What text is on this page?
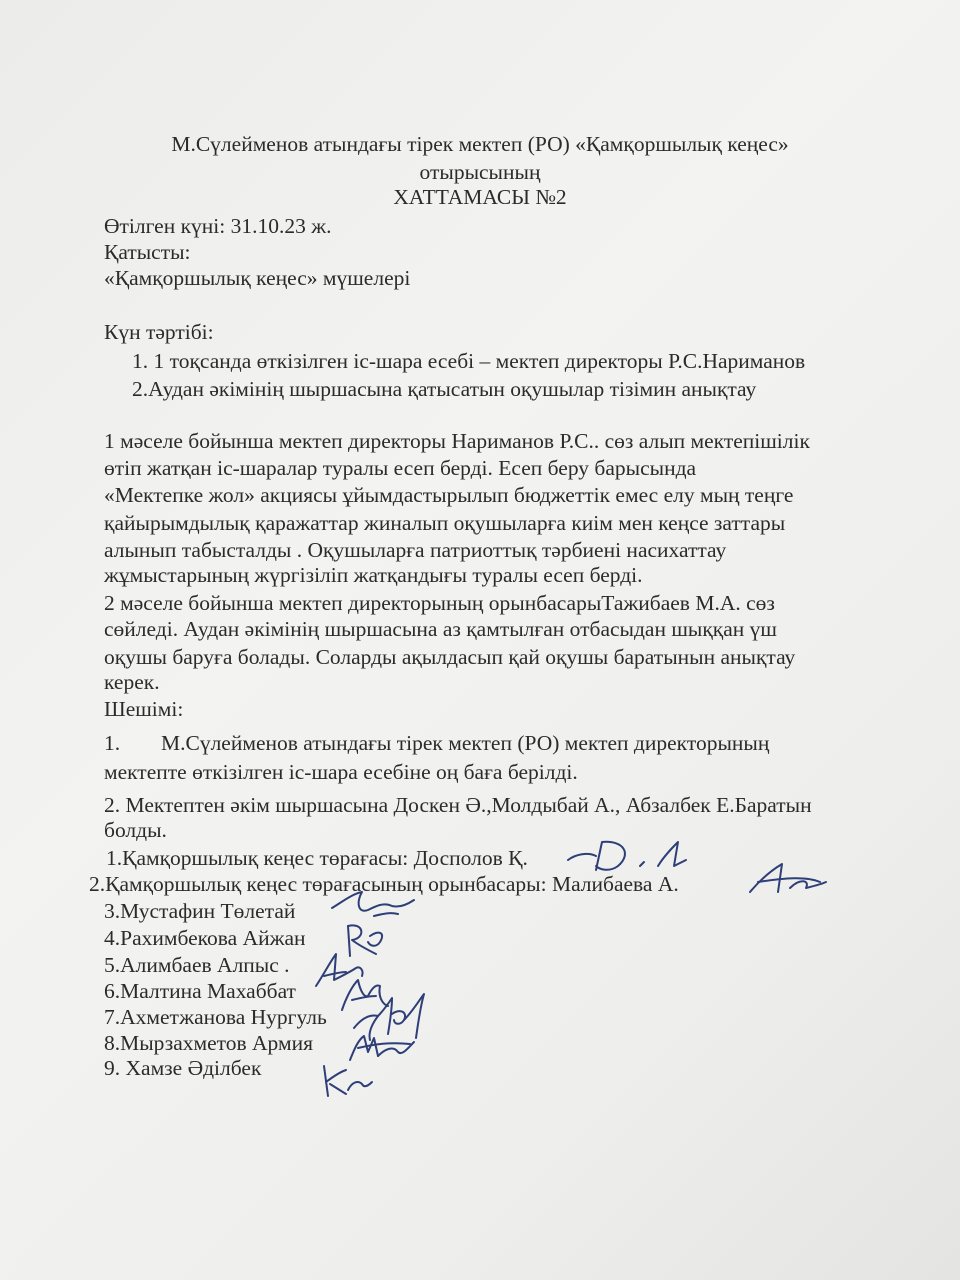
М.Сүлейменов атындағы тірек мектеп (РО) «Қамқоршылық кеңес»
отырысының
ХАТТАМАСЫ №2
Өтілген күні: 31.10.23 ж.
Қатысты:
«Қамқоршылық кеңес» мүшелері
Күн тәртібі:
1. 1 тоқсанда өткізілген іс-шара есебі – мектеп директоры Р.С.Нариманов
2.Аудан әкімінің шыршасына қатысатын оқушылар тізімин анықтау
1 мәселе бойынша мектеп директоры Нариманов Р.С.. сөз алып мектепішілік
өтіп жатқан іс-шаралар туралы есеп берді. Есеп беру барысында
«Мектепке жол» акциясы ұйымдастырылып бюджеттік емес елу мың теңге
қайырымдылық қаражаттар жиналып оқушыларға киім мен кеңсе заттары
алынып табысталды . Оқушыларға патриоттық тәрбиені насихаттау
жұмыстарының жүргізіліп жатқандығы туралы есеп берді.
2 мәселе бойынша мектеп директорының орынбасарыТажибаев М.А. сөз
сөйледі. Аудан әкімінің шыршасына аз қамтылған отбасыдан шыққан үш
оқушы баруға болады. Соларды ақылдасып қай оқушы баратынын анықтау
керек.
Шешімі:
1. М.Сүлейменов атындағы тірек мектеп (РО) мектеп директорының
мектепте өткізілген іс-шара есебіне оң баға берілді.
2. Мектептен әкім шыршасына Доскен Ә.,Молдыбай А., Абзалбек Е.Баратын
болды.
1.Қамқоршылық кеңес төрағасы: Досполов Қ.
2.Қамқоршылық кеңес төрағасының орынбасары: Малибаева А.
3.Мустафин Төлетай
4.Рахимбекова Айжан
5.Алимбаев Алпыс .
6.Малтина Махаббат
7.Ахметжанова Нургуль
8.Мырзахметов Армия
9. Хамзе Әділбек
